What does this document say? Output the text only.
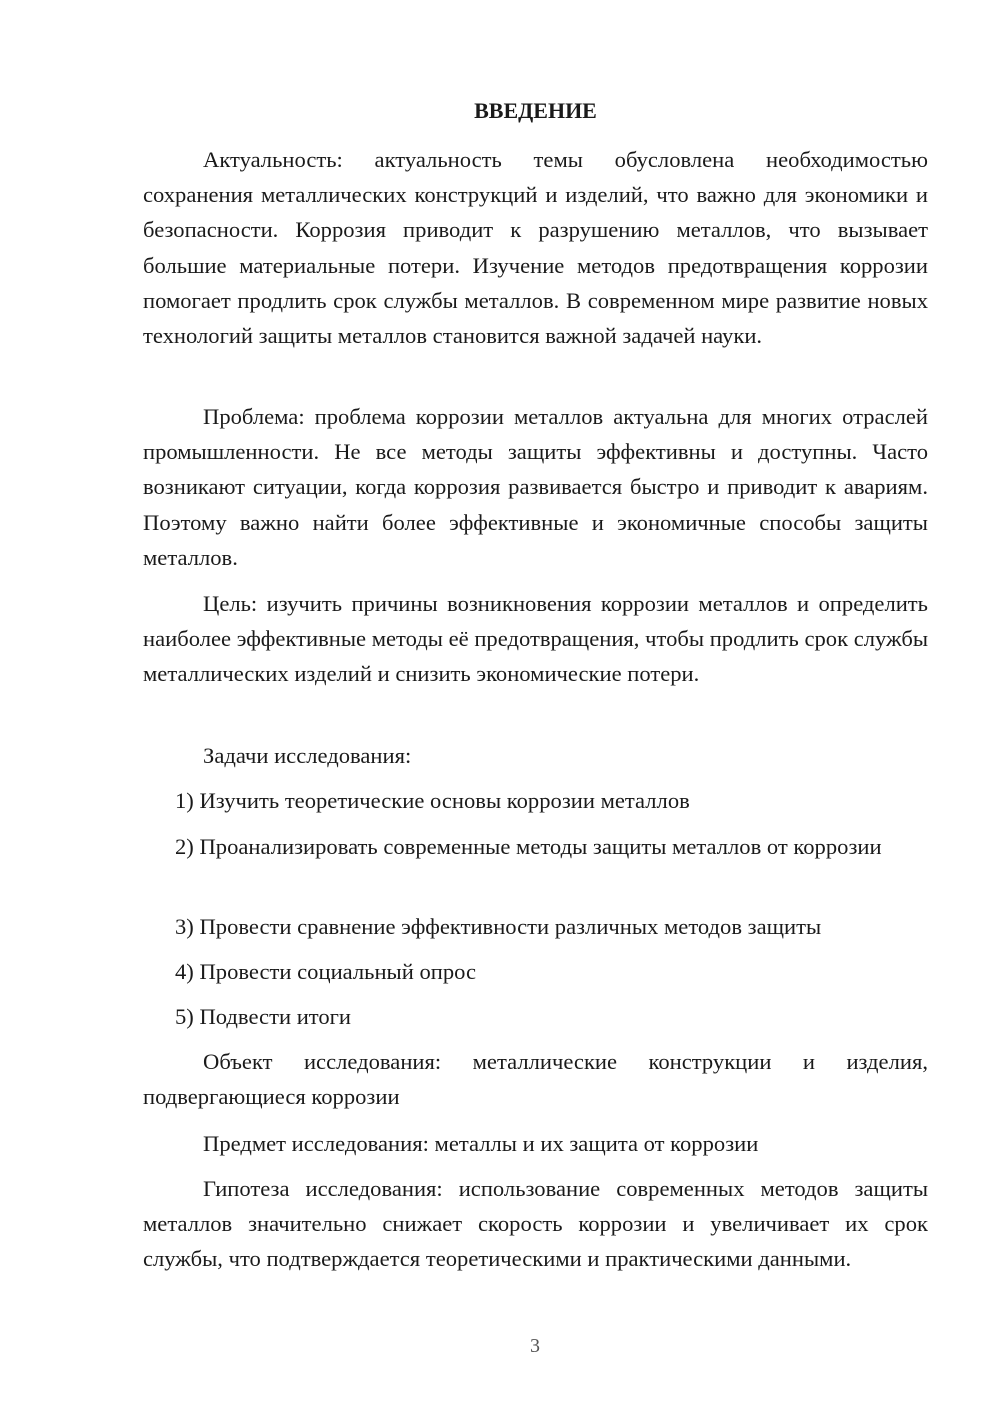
ВВЕДЕНИЕ

Актуальность: актуальность темы обусловлена необходимостью сохранения металлических конструкций и изделий, что важно для экономики и безопасности. Коррозия приводит к разрушению металлов, что вызывает большие материальные потери. Изучение методов предотвращения коррозии помогает продлить срок службы металлов. В современном мире развитие новых технологий защиты металлов становится важной задачей науки.

Проблема: проблема коррозии металлов актуальна для многих отраслей промышленности. Не все методы защиты эффективны и доступны. Часто возникают ситуации, когда коррозия развивается быстро и приводит к авариям. Поэтому важно найти более эффективные и экономичные способы защиты металлов.

Цель: изучить причины возникновения коррозии металлов и определить наиболее эффективные методы её предотвращения, чтобы продлить срок службы металлических изделий и снизить экономические потери.

Задачи исследования:

1) Изучить теоретические основы коррозии металлов

2) Проанализировать современные методы защиты металлов от коррозии

3) Провести сравнение эффективности различных методов защиты

4) Провести социальный опрос

5) Подвести итоги

Объект исследования: металлические конструкции и изделия, подвергающиеся коррозии

Предмет исследования: металлы и их защита от коррозии

Гипотеза исследования: использование современных методов защиты металлов значительно снижает скорость коррозии и увеличивает их срок службы, что подтверждается теоретическими и практическими данными.

3
